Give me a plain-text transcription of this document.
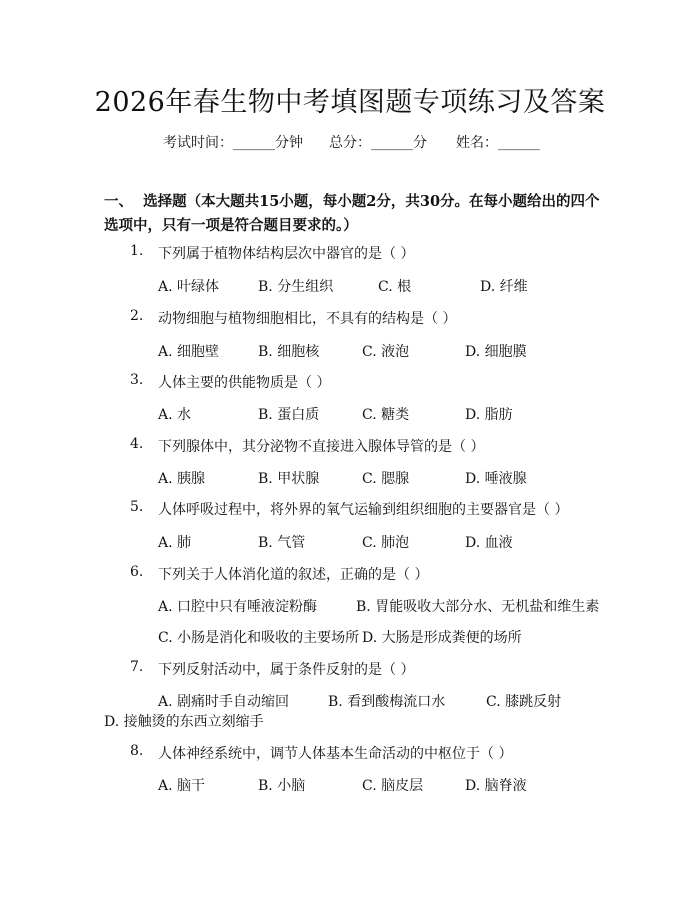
2026年春生物中考填图题专项练习及答案
考试时间：______分钟 总分：______分 姓名：______
一、 选择题（本大题共15小题，每小题2分，共30分。在每小题给出的四个选项中，只有一项是符合题目要求的。）
1. 下列属于植物体结构层次中器官的是（ ）
A. 叶绿体	B. 分生组织	C. 根	D. 纤维
2. 动物细胞与植物细胞相比，不具有的结构是（ ）
A. 细胞壁	B. 细胞核	C. 液泡	D. 细胞膜
3. 人体主要的供能物质是（ ）
A. 水	B. 蛋白质	C. 糖类	D. 脂肪
4. 下列腺体中，其分泌物不直接进入腺体导管的是（ ）
A. 胰腺	B. 甲状腺	C. 腮腺	D. 唾液腺
5. 人体呼吸过程中，将外界的氧气运输到组织细胞的主要器官是（ ）
A. 肺	B. 气管	C. 肺泡	D. 血液
6. 下列关于人体消化道的叙述，正确的是（ ）
A. 口腔中只有唾液淀粉酶	B. 胃能吸收大部分水、无机盐和维生素
C. 小肠是消化和吸收的主要场所 D. 大肠是形成粪便的场所
7. 下列反射活动中，属于条件反射的是（ ）
A. 剧痛时手自动缩回	B. 看到酸梅流口水	C. 膝跳反射
D. 接触烫的东西立刻缩手
8. 人体神经系统中，调节人体基本生命活动的中枢位于（ ）
A. 脑干	B. 小脑	C. 脑皮层	D. 脑脊液
